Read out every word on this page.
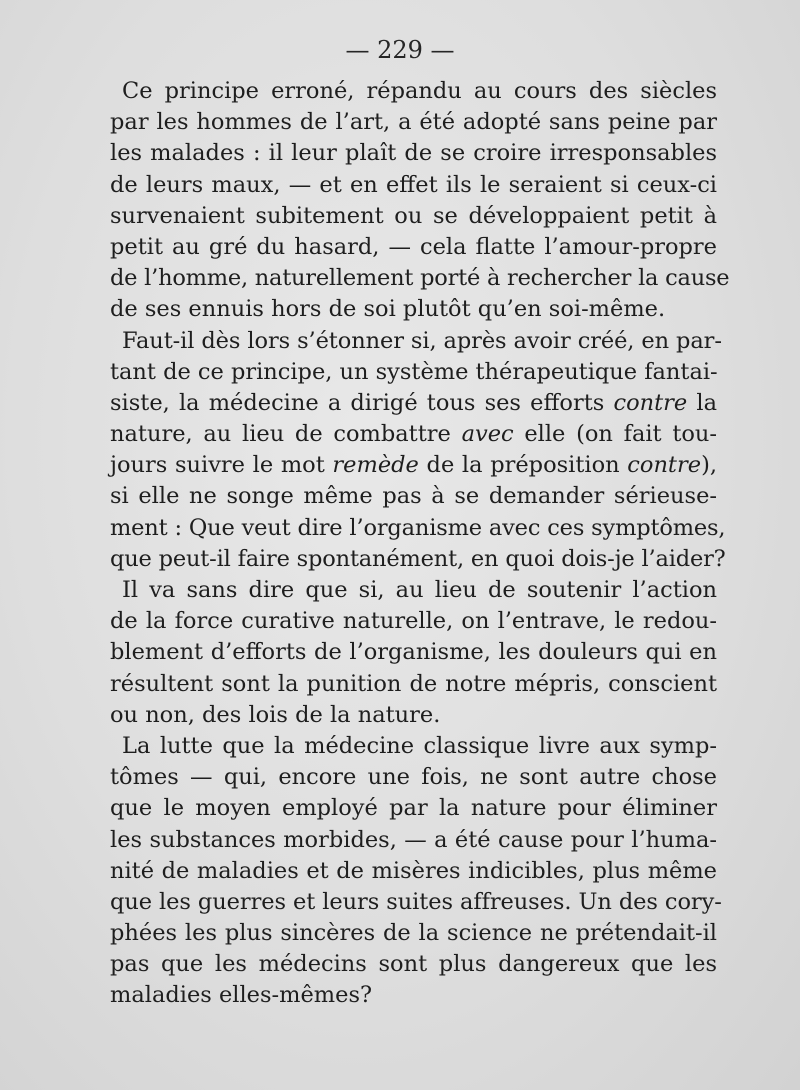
— 229 —
Ce principe erroné, répandu au cours des siècles
par les hommes de l’art, a été adopté sans peine par
les malades : il leur plaît de se croire irresponsables
de leurs maux, — et en effet ils le seraient si ceux-ci
survenaient subitement ou se développaient petit à
petit au gré du hasard, — cela flatte l’amour-propre
de l’homme, naturellement porté à rechercher la cause
de ses ennuis hors de soi plutôt qu’en soi-même.
Faut-il dès lors s’étonner si, après avoir créé, en par-
tant de ce principe, un système thérapeutique fantai-
siste, la médecine a dirigé tous ses efforts contre la
nature, au lieu de combattre avec elle (on fait tou-
jours suivre le mot remède de la préposition contre),
si elle ne songe même pas à se demander sérieuse-
ment : Que veut dire l’organisme avec ces symptômes,
que peut-il faire spontanément, en quoi dois-je l’aider?
Il va sans dire que si, au lieu de soutenir l’action
de la force curative naturelle, on l’entrave, le redou-
blement d’efforts de l’organisme, les douleurs qui en
résultent sont la punition de notre mépris, conscient
ou non, des lois de la nature.
La lutte que la médecine classique livre aux symp-
tômes — qui, encore une fois, ne sont autre chose
que le moyen employé par la nature pour éliminer
les substances morbides, — a été cause pour l’huma-
nité de maladies et de misères indicibles, plus même
que les guerres et leurs suites affreuses. Un des cory-
phées les plus sincères de la science ne prétendait-il
pas que les médecins sont plus dangereux que les
maladies elles-mêmes?
